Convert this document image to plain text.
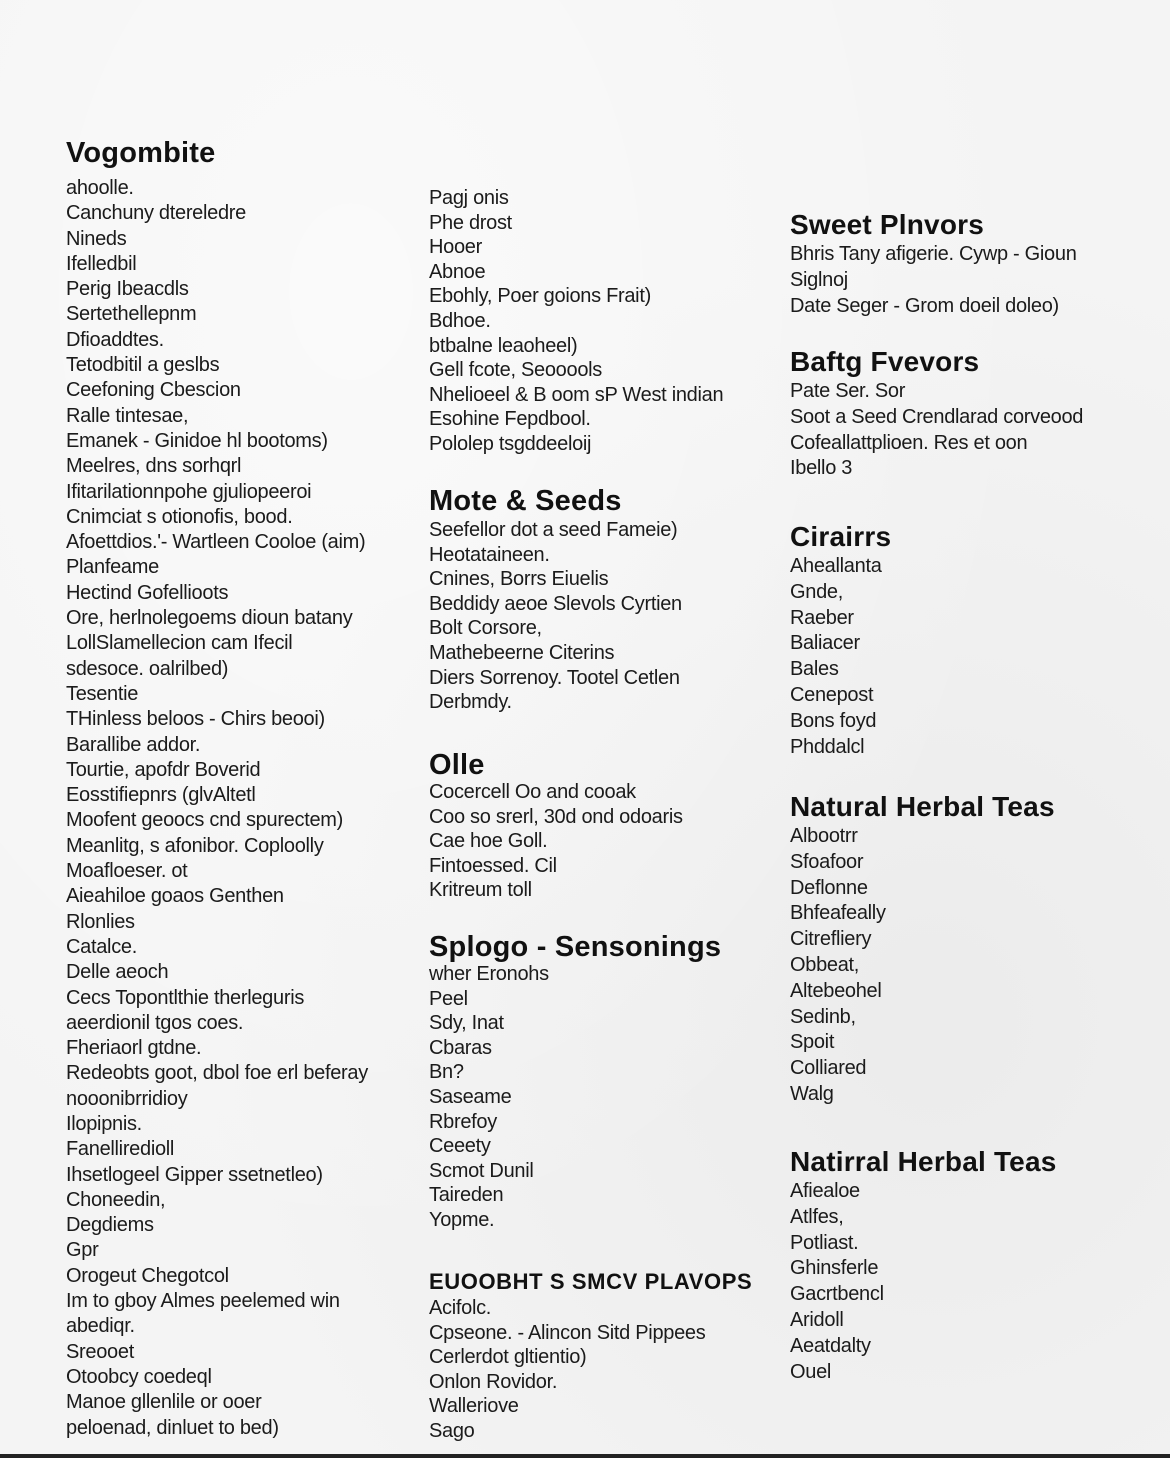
Vogombite
ahoolle.
Canchuny dtereledre
Nineds
Ifelledbil
Perig Ibeacdls
Sertethellepnm
Dfioaddtes.
Tetodbitil a geslbs
Ceefoning Cbescion
Ralle tintesae,
Emanek - Ginidoe hl bootoms)
Meelres, dns sorhqrl
Ifitarilationnpohe gjuliopeeroi
Cnimciat s otionofis, bood.
Afoettdios.'- Wartleen Cooloe (aim)
Planfeame
Hectind Gofellioots
Ore, herlnolegoems dioun batany
LollSlamellecion cam Ifecil
sdesoce. oalrilbed)
Tesentie
THinless beloos - Chirs beooi)
Barallibe addor.
Tourtie, apofdr Boverid
Eosstifiepnrs (glvAltetl
Moofent geoocs cnd spurectem)
Meanlitg, s afonibor. Coploolly
Moafloeser. ot
Aieahiloe goaos Genthen
Rlonlies
Catalce.
Delle aeoch
Cecs Topontlthie therleguris
aeerdionil tgos coes.
Fheriaorl gtdne.
Redeobts goot, dbol foe erl beferay
nooonibrridioy
Ilopipnis.
Fanelliredioll
Ihsetlogeel Gipper ssetnetleo)
Choneedin,
Degdiems
Gpr
Orogeut Chegotcol
Im to gboy Almes peelemed win
abediqr.
Sreooet
Otoobcy coedeql
Manoe gllenlile or ooer
peloenad, dinluet to bed)
Pagj onis
Phe drost
Hooer
Abnoe
Ebohly, Poer goions Frait)
Bdhoe.
btbalne leaoheel)
Gell fcote, Seooools
Nhelioeel & B oom sP West indian
Esohine Fepdbool.
Pololep tsgddeeloij
Mote & Seeds
Seefellor dot a seed Fameie)
Heotataineen.
Cnines, Borrs Eiuelis
Beddidy aeoe Slevols Cyrtien
Bolt Corsore,
Mathebeerne Citerins
Diers Sorrenoy. Tootel Cetlen
Derbmdy.
Olle
Cocercell Oo and cooak
Coo so srerl, 30d ond odoaris
Cae hoe Goll.
Fintoessed. Cil
Kritreum toll
Splogo - Sensonings
wher Eronohs
Peel
Sdy, Inat
Cbaras
Bn?
Saseame
Rbrefoy
Ceeety
Scmot Dunil
Taireden
Yopme.
EUOOBHT S SMCV PLAVOPS
Acifolc.
Cpseone. - Alincon Sitd Pippees
Cerlerdot gltientio)
Onlon Rovidor.
Walleriove
Sago
Sweet Plnvors
Bhris Tany afigerie. Cywp - Gioun
Siglnoj
Date Seger - Grom doeil doleo)
Baftg Fvevors
Pate Ser. Sor
Soot a Seed Crendlarad corveood
Cofeallattplioen. Res et oon
Ibello 3
Cirairrs
Aheallanta
Gnde,
Raeber
Baliacer
Bales
Cenepost
Bons foyd
Phddalcl
Natural Herbal Teas
Albootrr
Sfoafoor
Deflonne
Bhfeafeally
Citrefliery
Obbeat,
Altebeohel
Sedinb,
Spoit
Colliared
Walg
Natirral Herbal Teas
Afiealoe
Atlfes,
Potliast.
Ghinsferle
Gacrtbencl
Aridoll
Aeatdalty
Ouel
